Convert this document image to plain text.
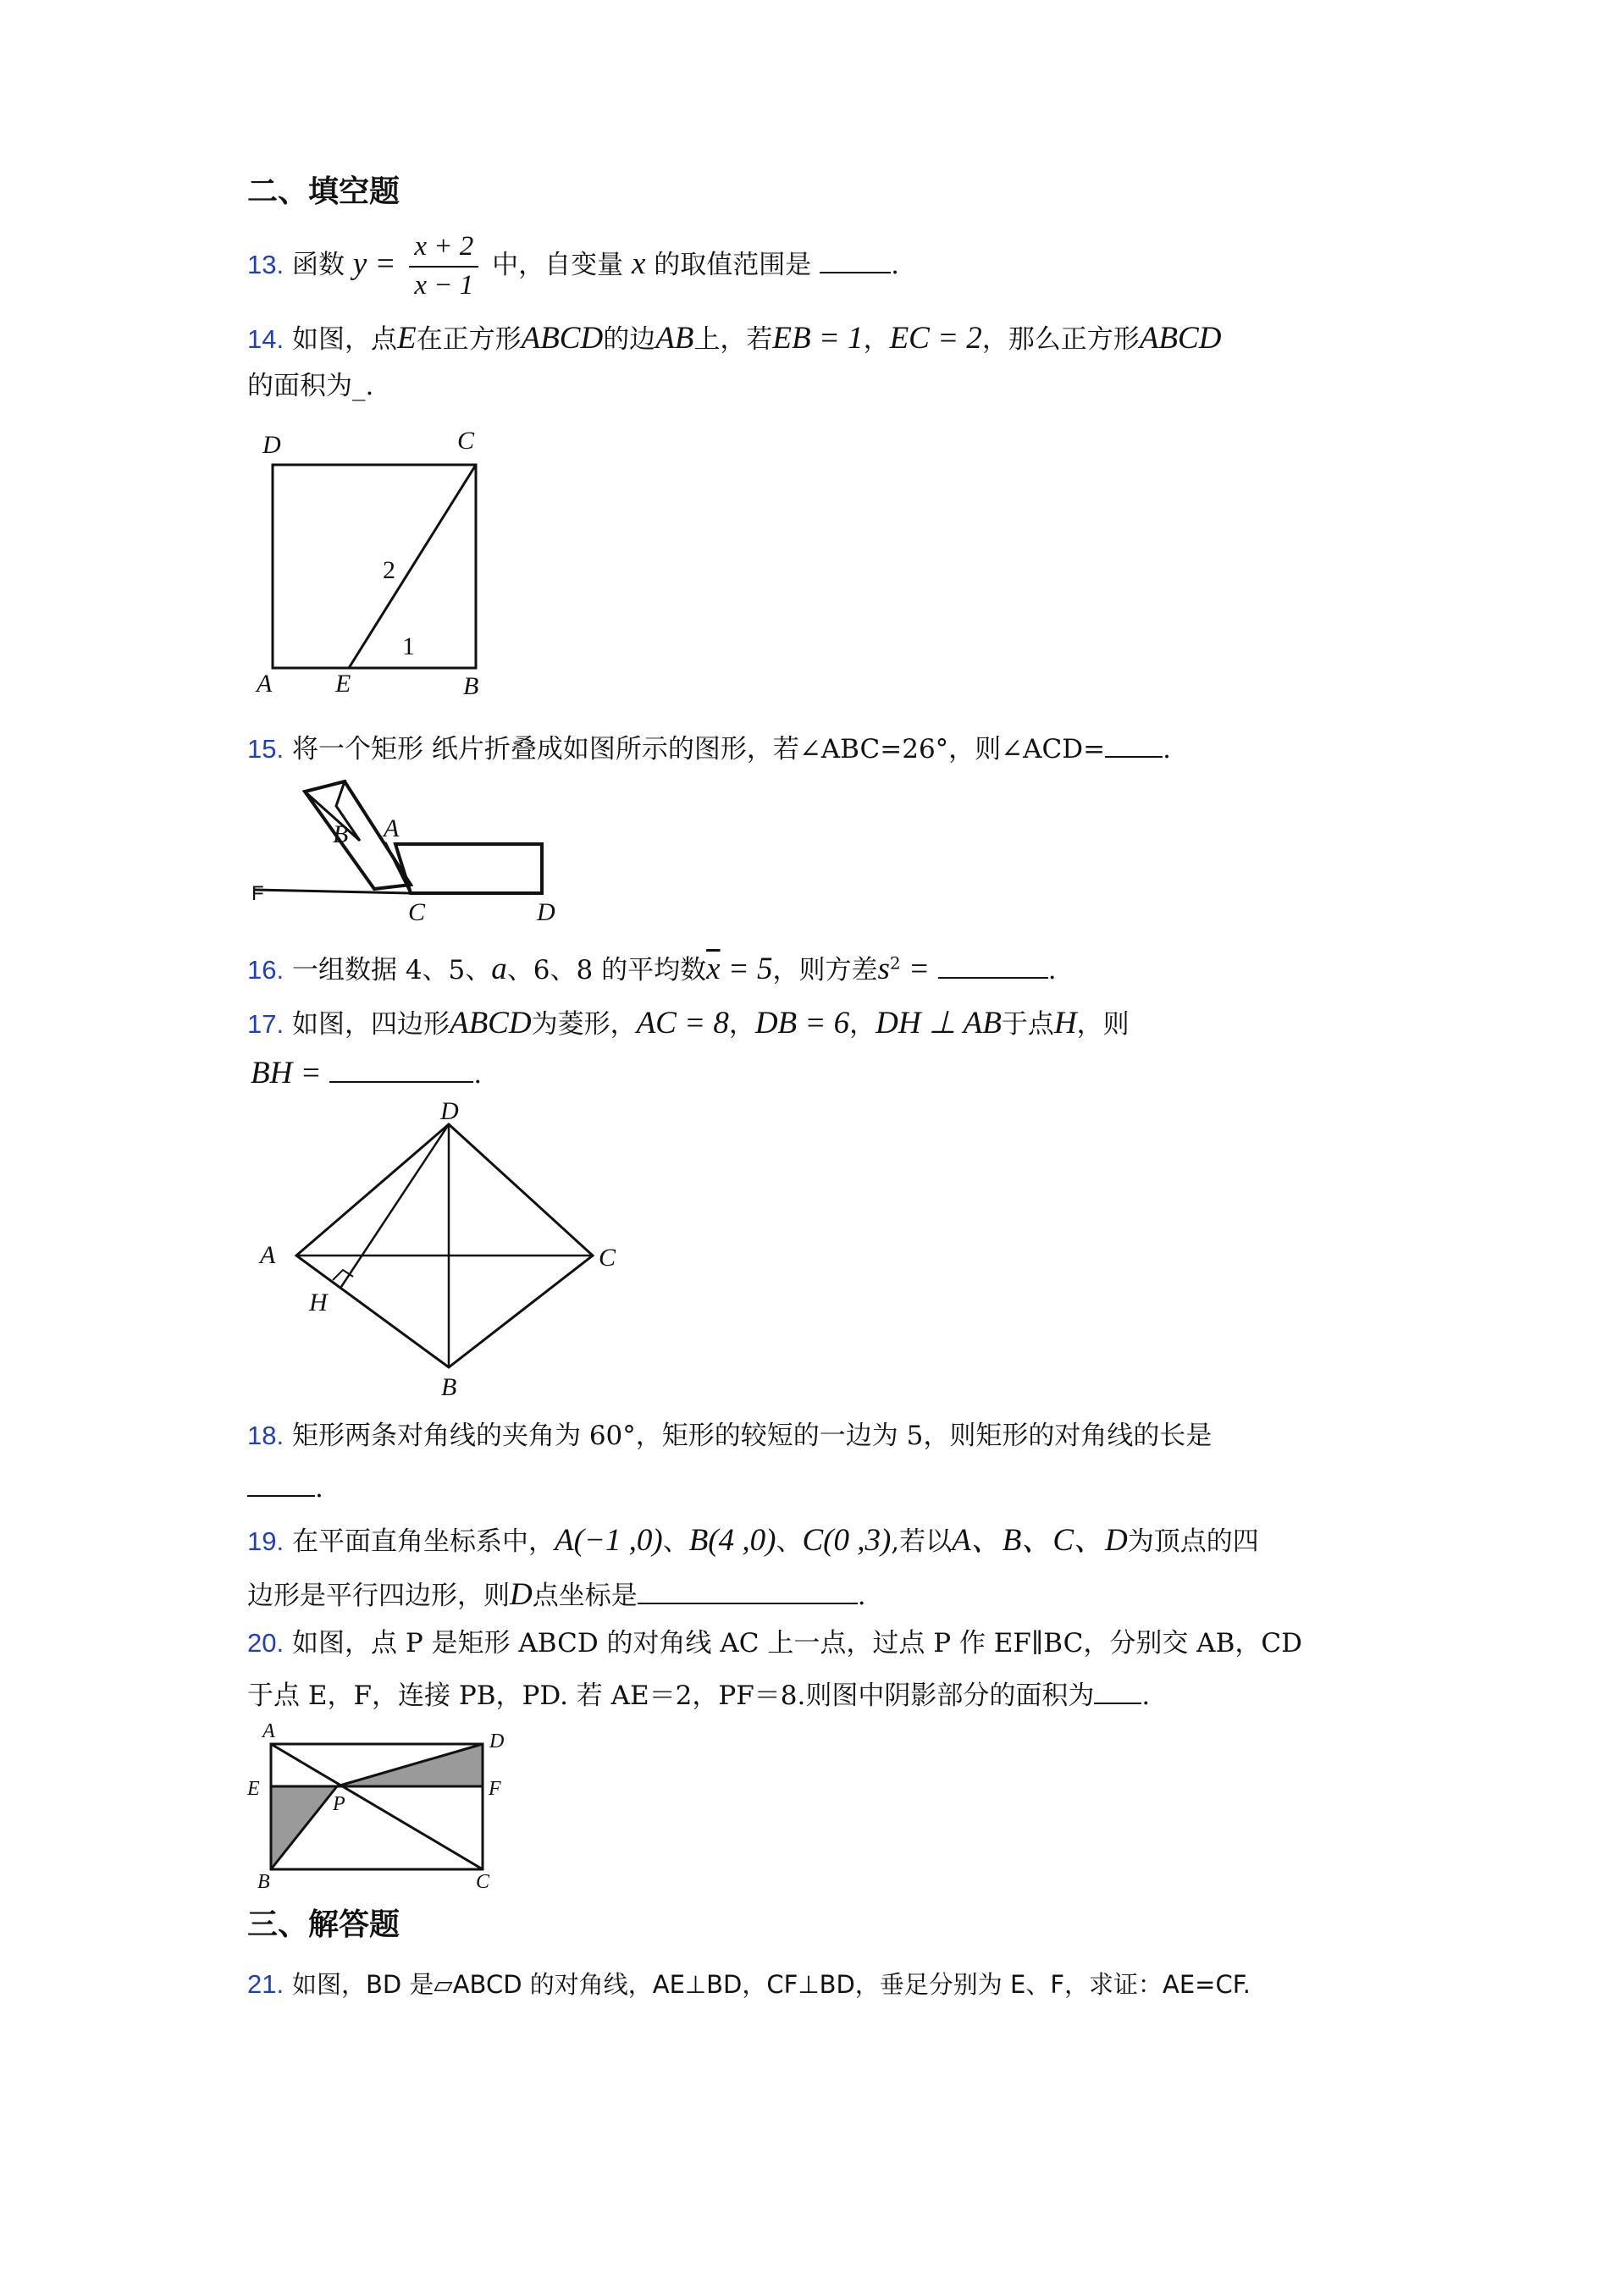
二、填空题
13. 函数 $y = \frac{x + 2}{x - 1}$ 中，自变量 x 的取值范围是	.
14. 如图，点E在正方形ABCD的边AB上，若EB = 1，EC = 2，那么正方形ABCD
的面积为_.
D	C
A E	B
2
1
15. 将一个矩形 纸片折叠成如图所示的图形，若∠ABC=26°，则∠ACD= .
B A
F
C	D
16. 一组数据 4、5、a、6、8 的平均数$\overline{x} = 5$，则方差$s^2$ =	.
17. 如图，四边形ABCD为菱形，AC = 8，DB = 6，DH ⊥ AB于点H，则
BH =	.
D
A	C
H
B
18. 矩形两条对角线的夹角为 60°，矩形的较短的一边为 5，则矩形的对角线的长是
.
19. 在平面直角坐标系中，A(−1 ,0)、B(4 ,0)、C(0 ,3),若以A、B、C、D为顶点的四
边形是平行四边形，则D点坐标是	.
20. 如图，点 P 是矩形 ABCD 的对角线 AC 上一点，过点 P 作 EF∥BC，分别交 AB，CD
于点 E，F，连接 PB，PD. 若 AE＝2，PF＝8.则图中阴影部分的面积为 .
A	D
E	F
P
B	C
三、解答题
21. 如图，BD 是▱ABCD 的对角线，AE⊥BD，CF⊥BD，垂足分别为 E、F，求证：AE=CF.
